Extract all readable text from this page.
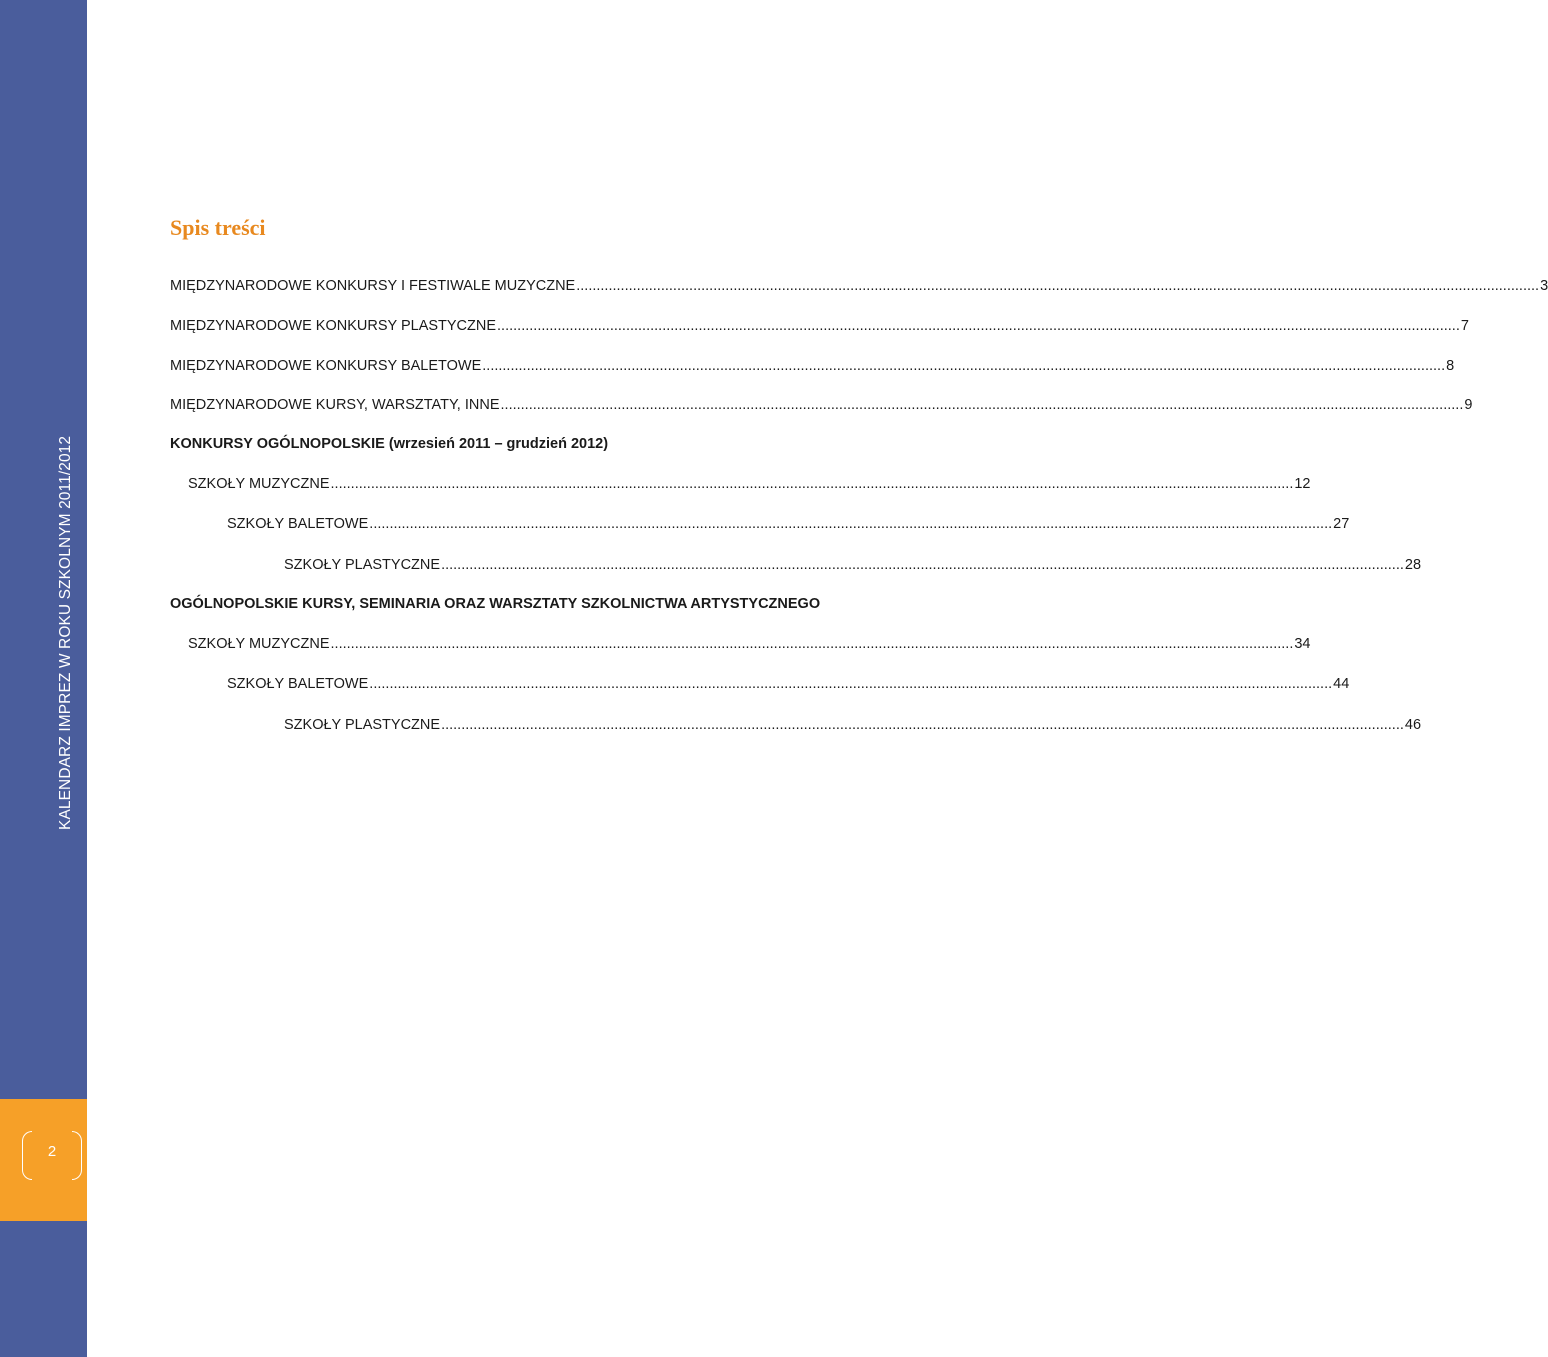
KALENDARZ IMPREZ W ROKU SZKOLNYM 2011/2012
2
Spis treści
MIĘDZYNARODOWE KONKURSY I FESTIWALE MUZYCZNE ............................................................................................................................................................................................................................................... 3
MIĘDZYNARODOWE KONKURSY PLASTYCZNE ............................................................................................................................................................................................................................................... 7
MIĘDZYNARODOWE KONKURSY BALETOWE ............................................................................................................................................................................................................................................... 8
MIĘDZYNARODOWE KURSY, WARSZTATY, INNE ............................................................................................................................................................................................................................................... 9
KONKURSY OGÓLNOPOLSKIE (wrzesień 2011 – grudzień 2012)
SZKOŁY MUZYCZNE ............................................................................................................................................................................................................................................... 12
SZKOŁY BALETOWE ............................................................................................................................................................................................................................................... 27
SZKOŁY PLASTYCZNE ............................................................................................................................................................................................................................................... 28
OGÓLNOPOLSKIE KURSY, SEMINARIA ORAZ WARSZTATY SZKOLNICTWA ARTYSTYCZNEGO
SZKOŁY MUZYCZNE ............................................................................................................................................................................................................................................... 34
SZKOŁY BALETOWE ............................................................................................................................................................................................................................................... 44
SZKOŁY PLASTYCZNE ............................................................................................................................................................................................................................................... 46
